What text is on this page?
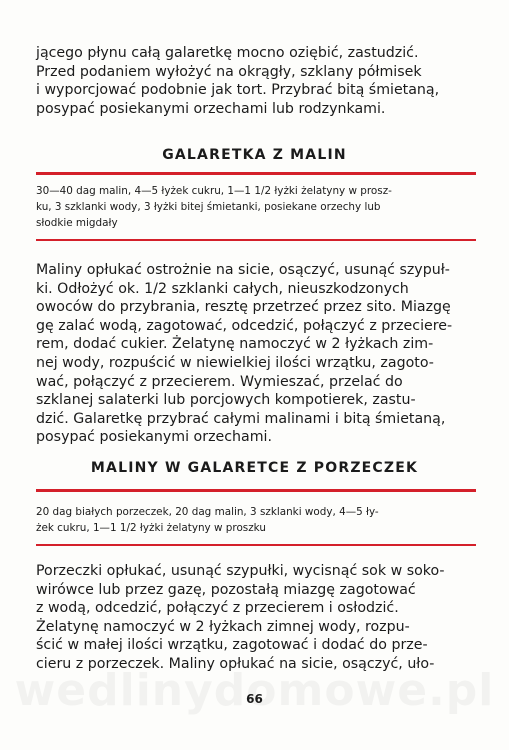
jącego płynu całą galaretkę mocno oziębić, zastudzić.
Przed podaniem wyłożyć na okrągły, szklany półmisek
i wyporcjować podobnie jak tort. Przybrać bitą śmietaną,
posypać posiekanymi orzechami lub rodzynkami.

GALARETKA Z MALIN

30—40 dag malin, 4—5 łyżek cukru, 1—1 1/2 łyżki żelatyny w prosz-
ku, 3 szklanki wody, 3 łyżki bitej śmietanki, posiekane orzechy lub
słodkie migdały

Maliny opłukać ostrożnie na sicie, osączyć, usunąć szypuł-
ki. Odłożyć ok. 1/2 szklanki całych, nieuszkodzonych
owoców do przybrania, resztę przetrzeć przez sito. Miazgę
gę zalać wodą, zagotować, odcedzić, połączyć z przeciere-
rem, dodać cukier. Żelatynę namoczyć w 2 łyżkach zim-
nej wody, rozpuścić w niewielkiej ilości wrzątku, zagoto-
wać, połączyć z przecierem. Wymieszać, przelać do
szklanej salaterki lub porcjowych kompotierek, zastu-
dzić. Galaretkę przybrać całymi malinami i bitą śmietaną,
posypać posiekanymi orzechami.

MALINY W GALARETCE Z PORZECZEK

20 dag białych porzeczek, 20 dag malin, 3 szklanki wody, 4—5 ły-
żek cukru, 1—1 1/2 łyżki żelatyny w proszku

Porzeczki opłukać, usunąć szypułki, wycisnąć sok w soko-
wirówce lub przez gazę, pozostałą miazgę zagotować
z wodą, odcedzić, połączyć z przecierem i osłodzić.
Żelatynę namoczyć w 2 łyżkach zimnej wody, rozpu-
ścić w małej ilości wrzątku, zagotować i dodać do prze-
cieru z porzeczek. Maliny opłukać na sicie, osączyć, uło-

66
